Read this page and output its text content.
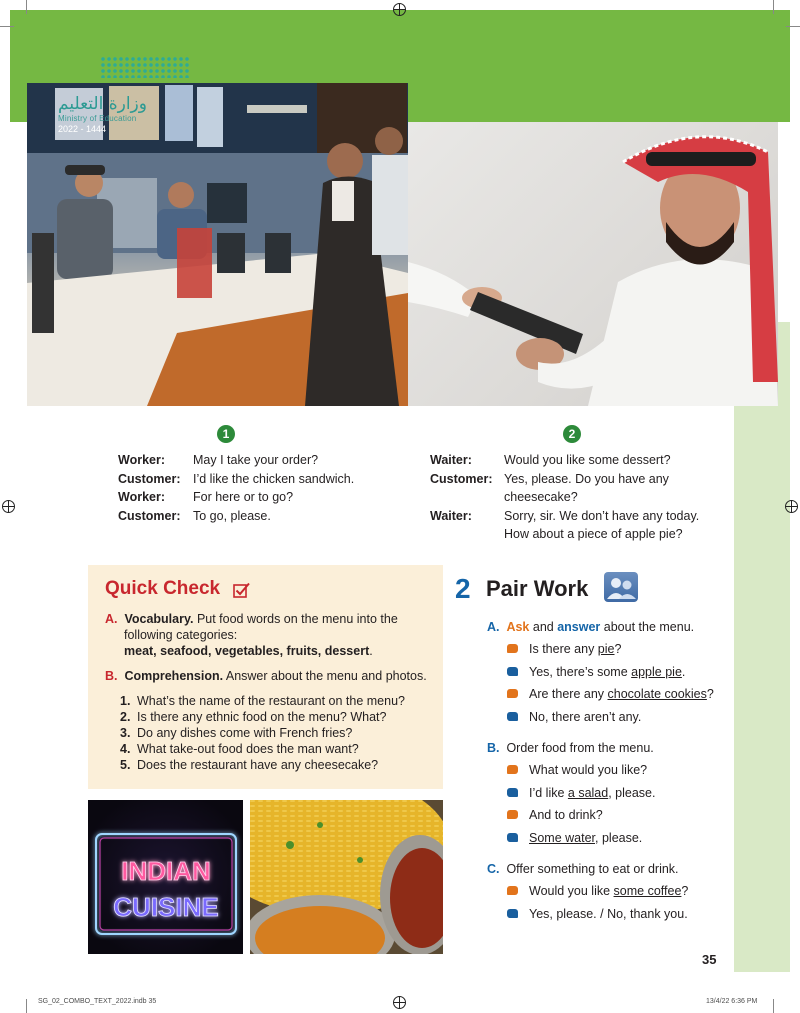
وزارة التعليم
Ministry of Education
2022 - 1444
1	2
Worker:	May I take your order?
Customer: I’d like the chicken sandwich.
Worker:	For here or to go?
Customer: To go, please.
Waiter:	Would you like some dessert?
Customer: Yes, please. Do you have any
cheesecake?
Waiter:	Sorry, sir. We don’t have any today.
How about a piece of apple pie?
Quick Check
A. Vocabulary. Put food words on the menu into the
following categories:
meat, seafood, vegetables, fruits, dessert.
B. Comprehension. Answer about the menu and photos.
1. What’s the name of the restaurant on the menu?
2. Is there any ethnic food on the menu? What?
3. Do any dishes come with French fries?
4. What take-out food does the man want?
5. Does the restaurant have any cheesecake?
INDIAN
CUISINE
2 Pair Work
A. Ask and answer about the menu.
Is there any pie?
Yes, there’s some apple pie.
Are there any chocolate cookies?
No, there aren’t any.
B.  Order food from the menu.
What would you like?
I’d like a salad, please.
And to drink?
Some water, please.
C.  Offer something to eat or drink.
Would you like some coffee?
Yes, please. / No, thank you.
35
SG_02_COMBO_TEXT_2022.indb 35	13/4/22 6:36 PM
